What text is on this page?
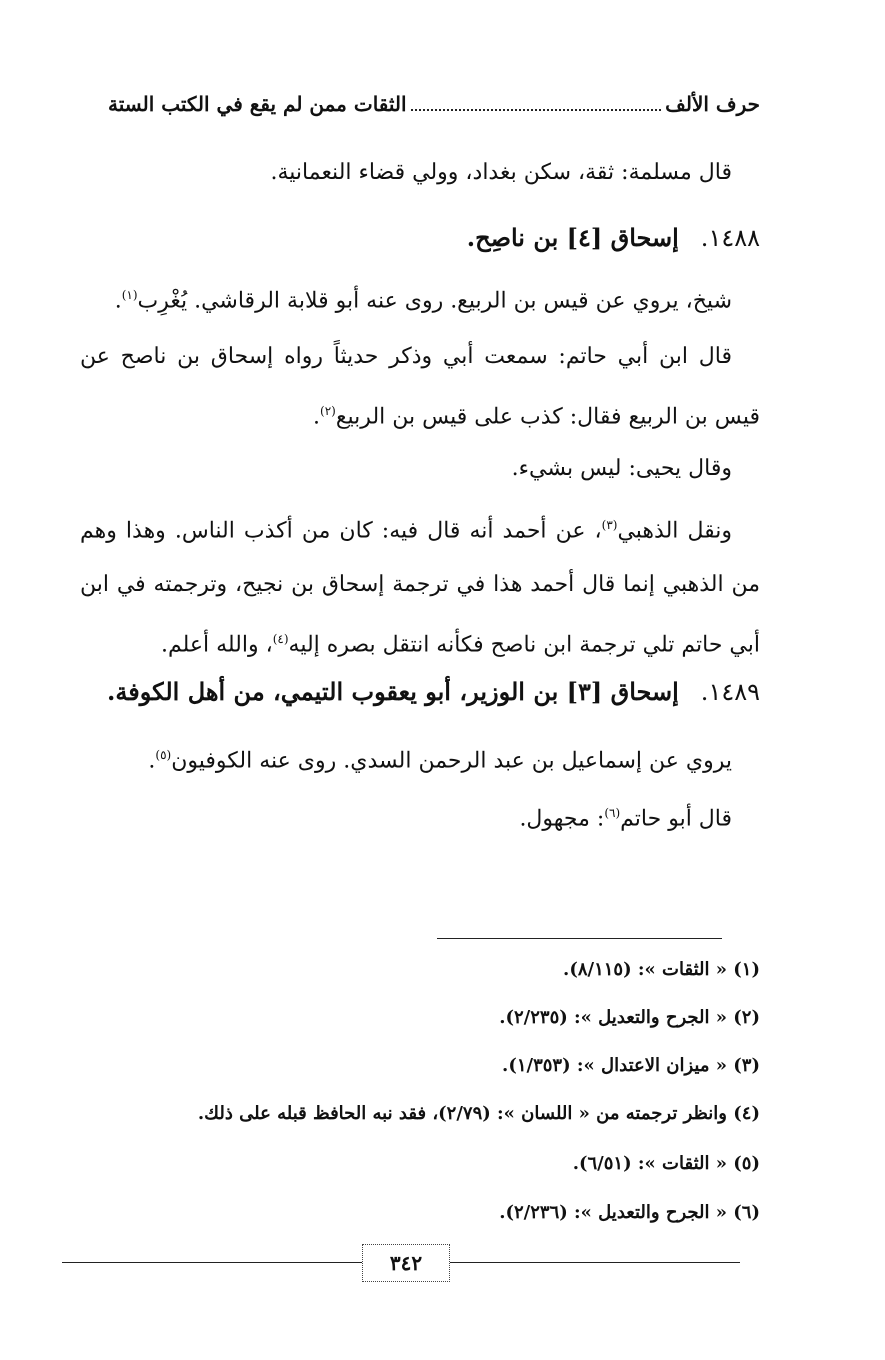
حرف الألف
الثقات ممن لم يقع في الكتب الستة
قال مسلمة: ثقة، سكن بغداد، وولي قضاء النعمانية.
١٤٨٨.إسحاق [٤] بن ناصِح.
شيخ، يروي عن قيس بن الربيع. روى عنه أبو قلابة الرقاشي. يُغْرِب$^{(١)}$.
قال ابن أبي حاتم: سمعت أبي وذكر حديثاً رواه إسحاق بن ناصح عن قيس بن الربيع فقال: كذب على قيس بن الربيع$^{(٢)}$.
وقال يحيى: ليس بشيء.
ونقل الذهبي$^{(٣)}$، عن أحمد أنه قال فيه: كان من أكذب الناس. وهذا وهم من الذهبي إنما قال أحمد هذا في ترجمة إسحاق بن نجيح، وترجمته في ابن أبي حاتم تلي ترجمة ابن ناصح فكأنه انتقل بصره إليه$^{(٤)}$، والله أعلم.
١٤٨٩.إسحاق [٣] بن الوزير، أبو يعقوب التيمي، من أهل الكوفة.
يروي عن إسماعيل بن عبد الرحمن السدي. روى عنه الكوفيون$^{(٥)}$.
قال أبو حاتم$^{(٦)}$: مجهول.
(١) « الثقات »: (٨/١١٥).
(٢) « الجرح والتعديل »: (٢/٢٣٥).
(٣) « ميزان الاعتدال »: (١/٣٥٣).
(٤) وانظر ترجمته من « اللسان »: (٢/٧٩)، فقد نبه الحافظ قبله على ذلك.
(٥) « الثقات »: (٦/٥١).
(٦) « الجرح والتعديل »: (٢/٢٣٦).
٣٤٢
